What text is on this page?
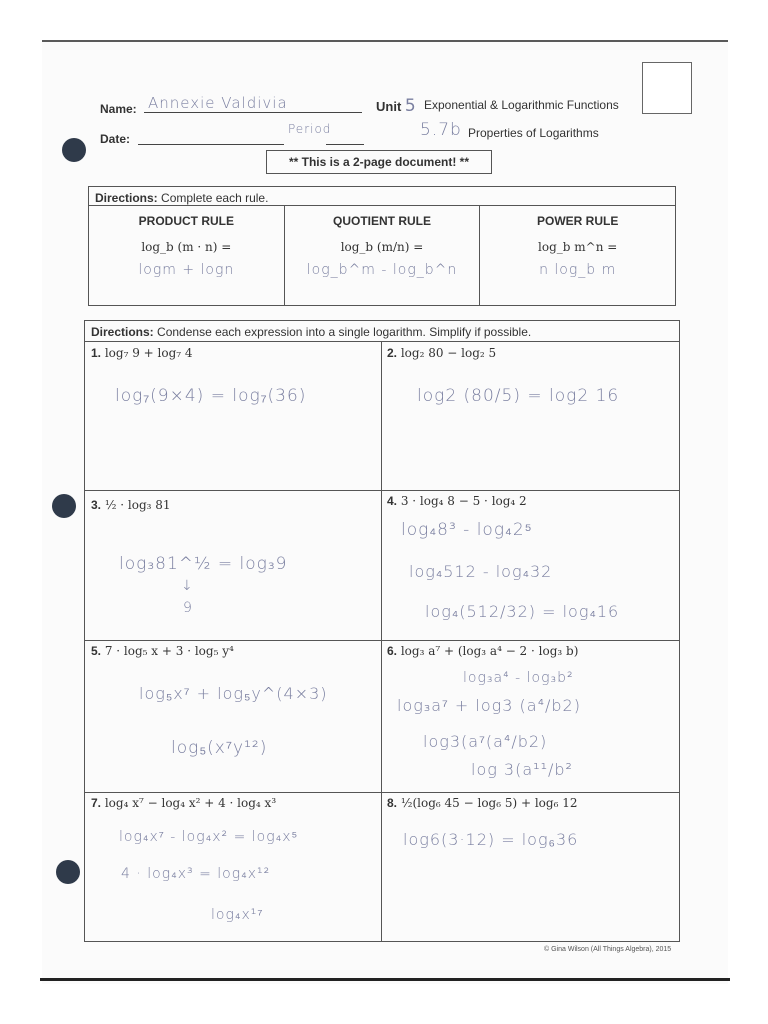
Name: Annexie Valdivia	Unit 5 Exponential & Logarithmic Functions
Date:
Period	5.7b Properties of Logarithms
** This is a 2-page document! **
Directions: Complete each rule.
PRODUCT RULE
log_b (m · n) =
logm + logn
QUOTIENT RULE
log_b (m/n) =
log_b^m - log_b^n
POWER RULE
log_b m^n =
n log_b m
Directions: Condense each expression into a single logarithm. Simplify if possible.
1. log₇ 9 + log₇ 4
log₇(9×4) = log₇(36)
2. log₂ 80 − log₂ 5
log2 (80/5) = log2 16
3. ½ · log₃ 81
log₃81^½ = log₃9
↓
9
4. 3 · log₄ 8 − 5 · log₄ 2
log₄8³ - log₄2⁵
log₄512 - log₄32
log₄(512/32) = log₄16
5. 7 · log₅ x + 3 · log₅ y⁴
log₅x⁷ + log₅y^(4×3)
log₅(x⁷y¹²)
6. log₃ a⁷ + (log₃ a⁴ − 2 · log₃ b)
log₃a⁴ - log₃b²
log₃a⁷ + log3 (a⁴/b2)
log3(a⁷(a⁴/b2)
log 3(a¹¹/b²
7. log₄ x⁷ − log₄ x² + 4 · log₄ x³
log₄x⁷ - log₄x² = log₄x⁵
4 · log₄x³ = log₄x¹²
log₄x¹⁷
8. ½(log₆ 45 − log₆ 5) + log₆ 12
log6(3·12) = log₆36
© Gina Wilson (All Things Algebra), 2015
